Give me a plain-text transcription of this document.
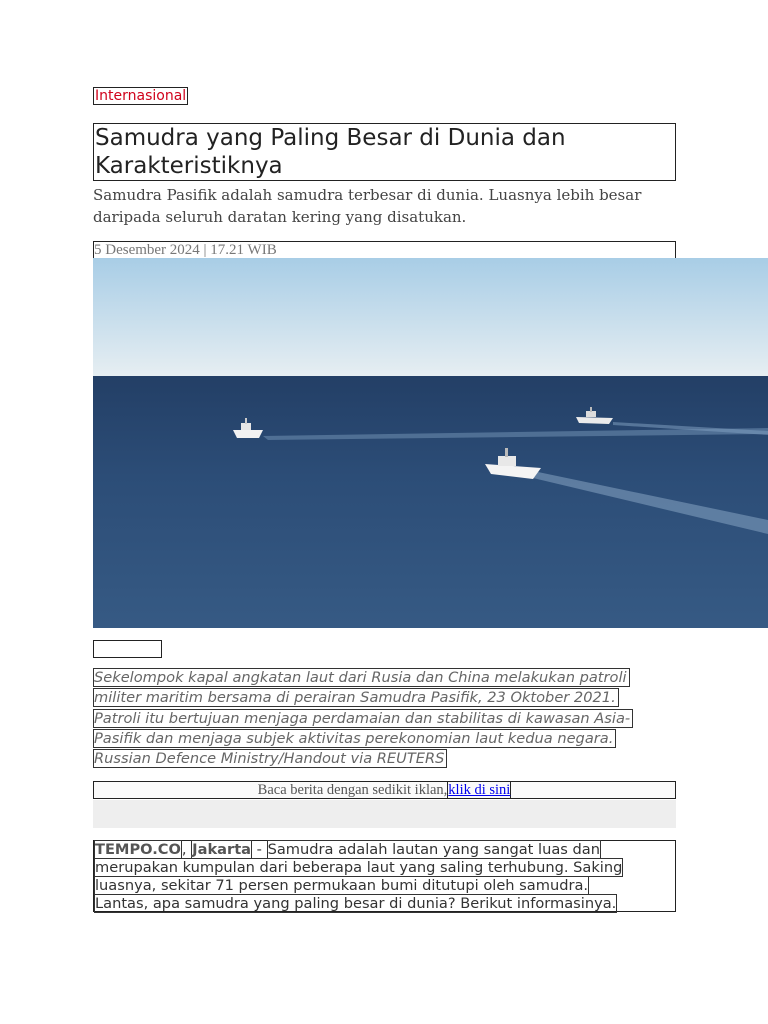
Internasional
Samudra yang Paling Besar di Dunia dan Karakteristiknya

Samudra Pasifik adalah samudra terbesar di dunia. Luasnya lebih besar daripada seluruh daratan kering yang disatukan.

5 Desember 2024 | 17.21 WIB
Sekelompok kapal angkatan laut dari Rusia dan China melakukan patroli
militer maritim bersama di perairan Samudra Pasifik, 23 Oktober 2021.
Patroli itu bertujuan menjaga perdamaian dan stabilitas di kawasan Asia-
Pasifik dan menjaga subjek aktivitas perekonomian laut kedua negara.
Russian Defence Ministry/Handout via REUTERS
Baca berita dengan sedikit iklan,klik di sini
TEMPO.CO, Jakarta - Samudra adalah lautan yang sangat luas dan
merupakan kumpulan dari beberapa laut yang saling terhubung. Saking
luasnya, sekitar 71 persen permukaan bumi ditutupi oleh samudra.
Lantas, apa samudra yang paling besar di dunia? Berikut informasinya.
